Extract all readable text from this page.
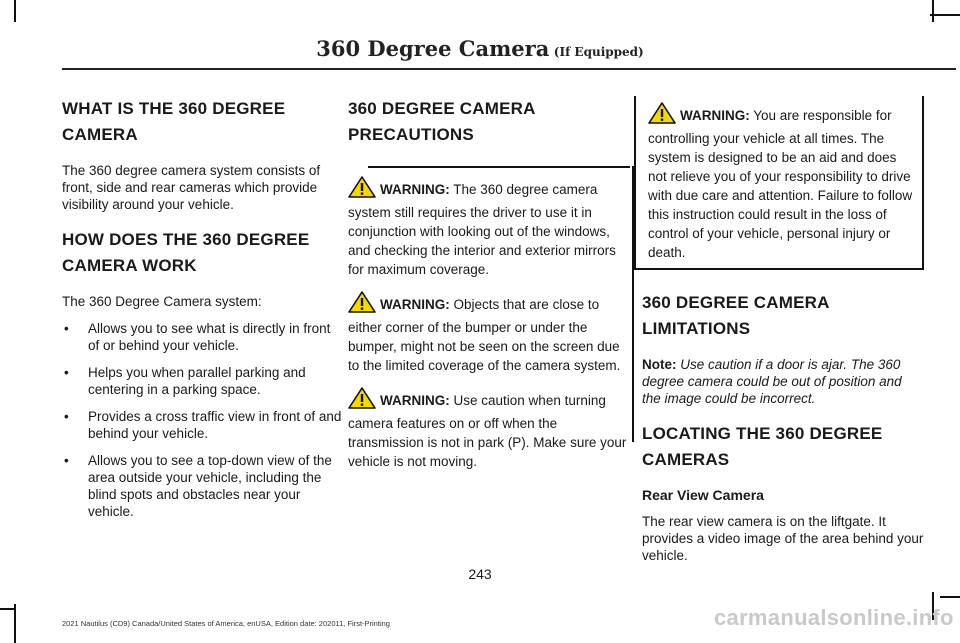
360 Degree Camera (If Equipped)
WHAT IS THE 360 DEGREE CAMERA

The 360 degree camera system consists of front, side and rear cameras which provide visibility around your vehicle.

HOW DOES THE 360 DEGREE CAMERA WORK

The 360 Degree Camera system:

• Allows you to see what is directly in front of or behind your vehicle.
• Helps you when parallel parking and centering in a parking space.
• Provides a cross traffic view in front of and behind your vehicle.
• Allows you to see a top-down view of the area outside your vehicle, including the blind spots and obstacles near your vehicle.
360 DEGREE CAMERA PRECAUTIONS
WARNING: The 360 degree camera system still requires the driver to use it in conjunction with looking out of the windows, and checking the interior and exterior mirrors for maximum coverage.
WARNING: Objects that are close to either corner of the bumper or under the bumper, might not be seen on the screen due to the limited coverage of the camera system.
WARNING: Use caution when turning camera features on or off when the transmission is not in park (P). Make sure your vehicle is not moving.
WARNING: You are responsible for controlling your vehicle at all times. The system is designed to be an aid and does not relieve you of your responsibility to drive with due care and attention. Failure to follow this instruction could result in the loss of control of your vehicle, personal injury or death.
360 DEGREE CAMERA LIMITATIONS

Note: Use caution if a door is ajar. The 360 degree camera could be out of position and the image could be incorrect.

LOCATING THE 360 DEGREE CAMERAS
Rear View Camera

The rear view camera is on the liftgate. It provides a video image of the area behind your vehicle.

243
2021 Nautilus (CD9) Canada/United States of America, enUSA, Edition date: 202011, First-Printing	carmanualsonline.info
